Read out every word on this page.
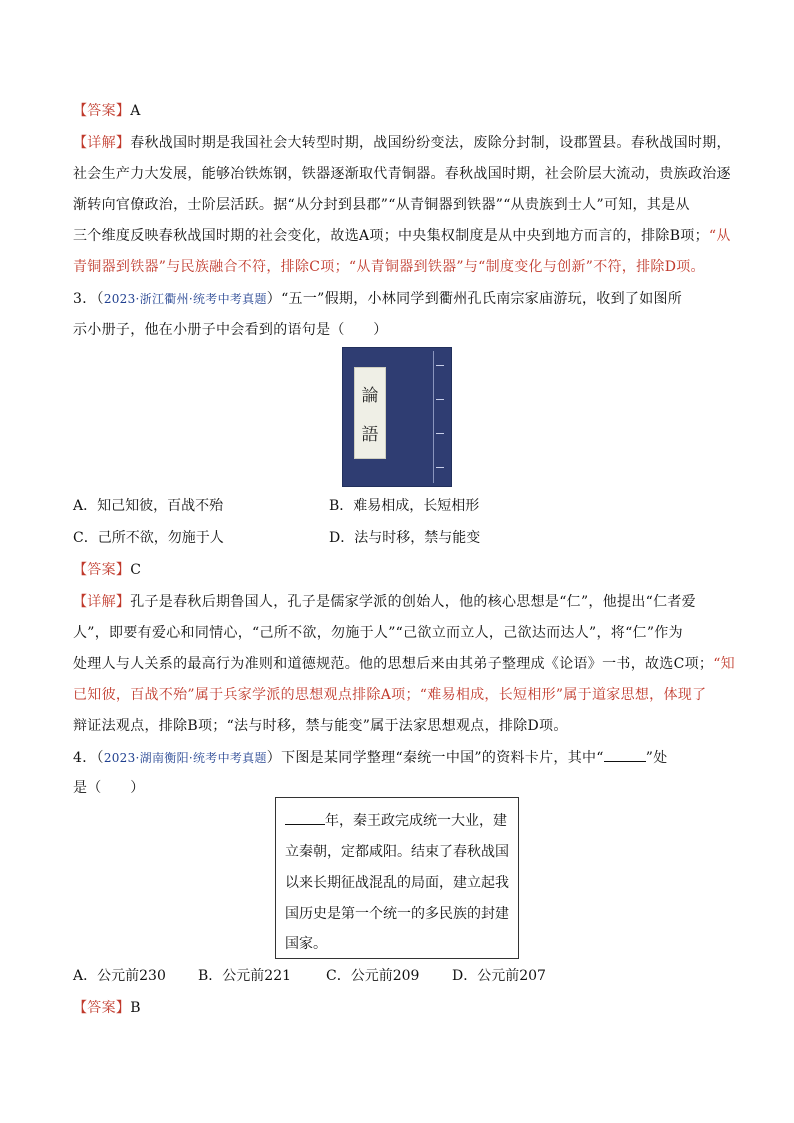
【答案】A
【详解】春秋战国时期是我国社会大转型时期，战国纷纷变法，废除分封制，设郡置县。春秋战国时期，
社会生产力大发展，能够冶铁炼钢，铁器逐渐取代青铜器。春秋战国时期，社会阶层大流动，贵族政治逐
渐转向官僚政治，士阶层活跃。据“从分封到县郡”“从青铜器到铁器”“从贵族到士人”可知，其是从
三个维度反映春秋战国时期的社会变化，故选A项；中央集权制度是从中央到地方而言的，排除B项；“从
青铜器到铁器”与民族融合不符，排除C项；“从青铜器到铁器”与“制度变化与创新”不符，排除D项。
3．（2023·浙江衢州·统考中考真题）“五一”假期，小林同学到衢州孔氏南宗家庙游玩，收到了如图所
示小册子，他在小册子中会看到的语句是（　　）
論
語
A．知己知彼，百战不殆	B．难易相成，长短相形
C．己所不欲，勿施于人	D．法与时移，禁与能变
【答案】C
【详解】孔子是春秋后期鲁国人，孔子是儒家学派的创始人，他的核心思想是“仁”，他提出“仁者爱
人”，即要有爱心和同情心，“己所不欲，勿施于人”“己欲立而立人，己欲达而达人”，将“仁”作为
处理人与人关系的最高行为准则和道德规范。他的思想后来由其弟子整理成《论语》一书，故选C项；“知
已知彼，百战不殆”属于兵家学派的思想观点排除A项；“难易相成，长短相形”属于道家思想，体现了
辩证法观点，排除B项；“法与时移，禁与能变”属于法家思想观点，排除D项。
4．（2023·湖南衡阳·统考中考真题）下图是某同学整理“秦统一中国”的资料卡片，其中“	”处
是（　　）
年，秦王政完成统一大业，建
立秦朝，定都咸阳。结束了春秋战国
以来长期征战混乱的局面，建立起我
国历史是第一个统一的多民族的封建
国家。
A．公元前230 B．公元前221 C．公元前209 D．公元前207
【答案】B
